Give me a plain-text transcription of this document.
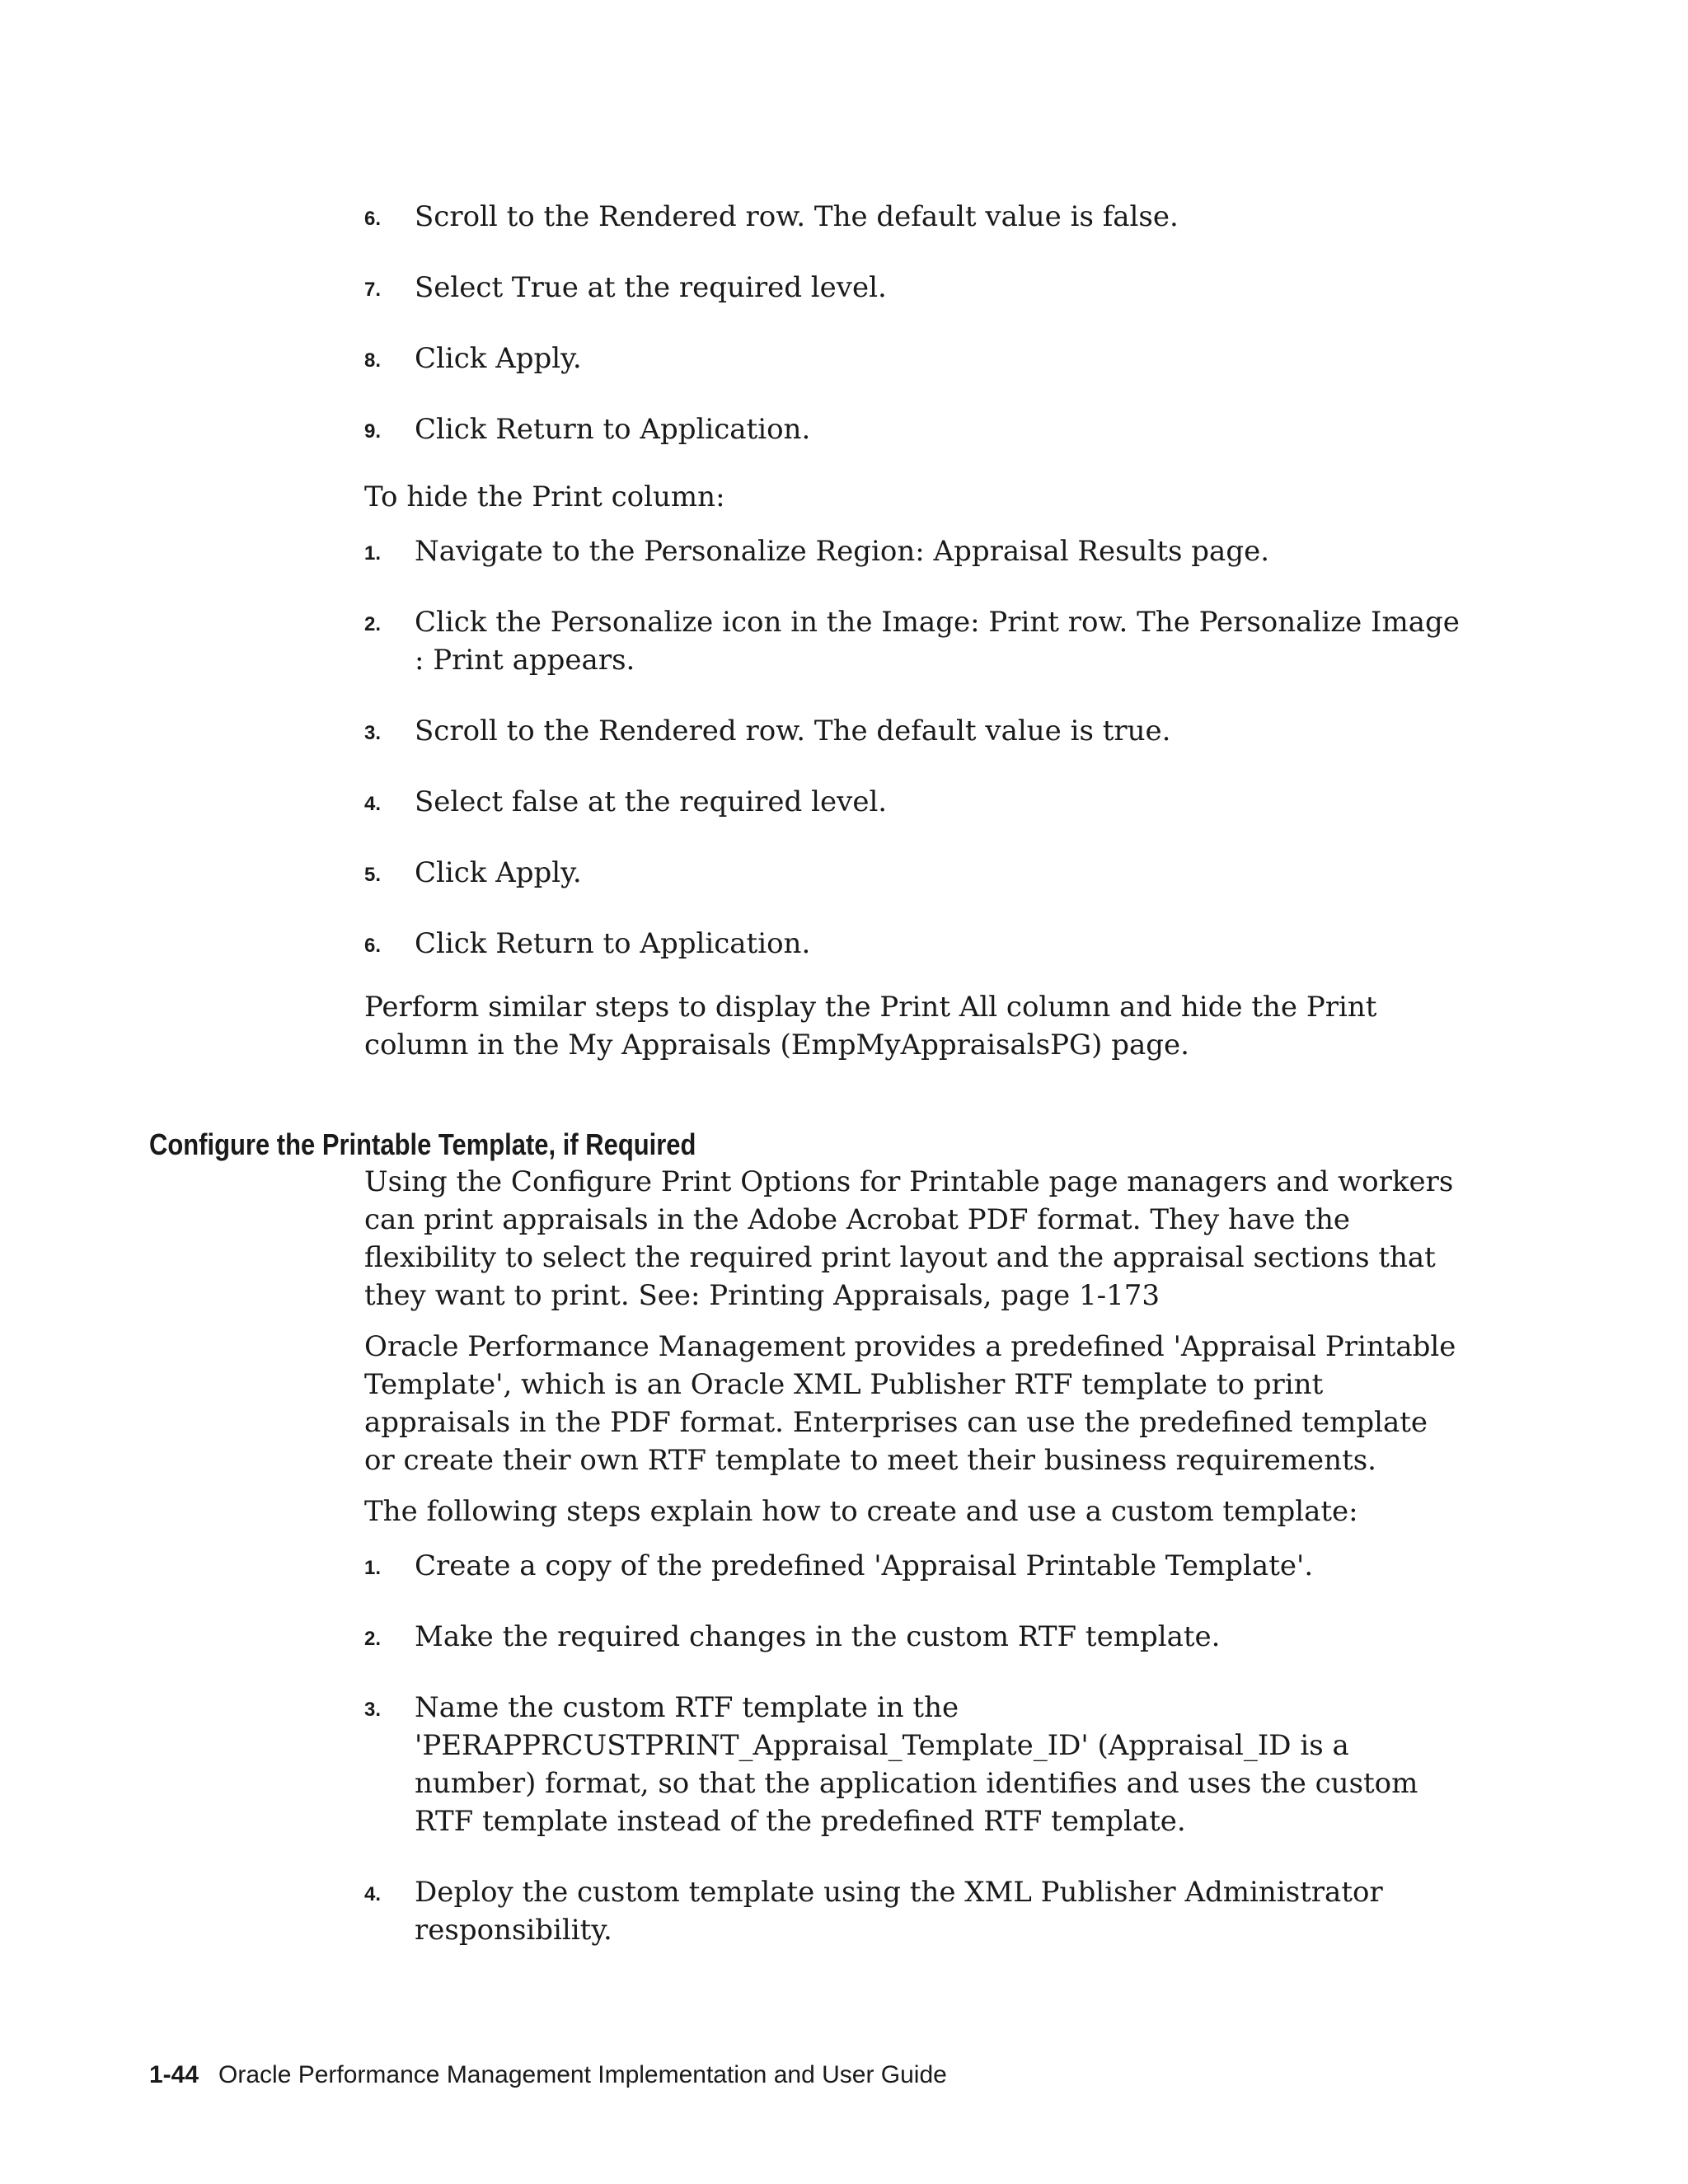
6. Scroll to the Rendered row. The default value is false.
7. Select True at the required level.
8. Click Apply.
9. Click Return to Application.

To hide the Print column:

1. Navigate to the Personalize Region: Appraisal Results page.
2. Click the Personalize icon in the Image: Print row. The Personalize Image : Print appears.
3. Scroll to the Rendered row. The default value is true.
4. Select false at the required level.
5. Click Apply.
6. Click Return to Application.

Perform similar steps to display the Print All column and hide the Print column in the My Appraisals (EmpMyAppraisalsPG) page.

Configure the Printable Template, if Required

Using the Configure Print Options for Printable page managers and workers can print appraisals in the Adobe Acrobat PDF format. They have the flexibility to select the required print layout and the appraisal sections that they want to print. See: Printing Appraisals, page 1-173

Oracle Performance Management provides a predefined 'Appraisal Printable Template', which is an Oracle XML Publisher RTF template to print appraisals in the PDF format. Enterprises can use the predefined template or create their own RTF template to meet their business requirements.

The following steps explain how to create and use a custom template:

1. Create a copy of the predefined 'Appraisal Printable Template'.
2. Make the required changes in the custom RTF template.
3. Name the custom RTF template in the 'PERAPPRCUSTPRINT_Appraisal_Template_ID' (Appraisal_ID is a number) format, so that the application identifies and uses the custom RTF template instead of the predefined RTF template.
4. Deploy the custom template using the XML Publisher Administrator responsibility.
1-44 Oracle Performance Management Implementation and User Guide
